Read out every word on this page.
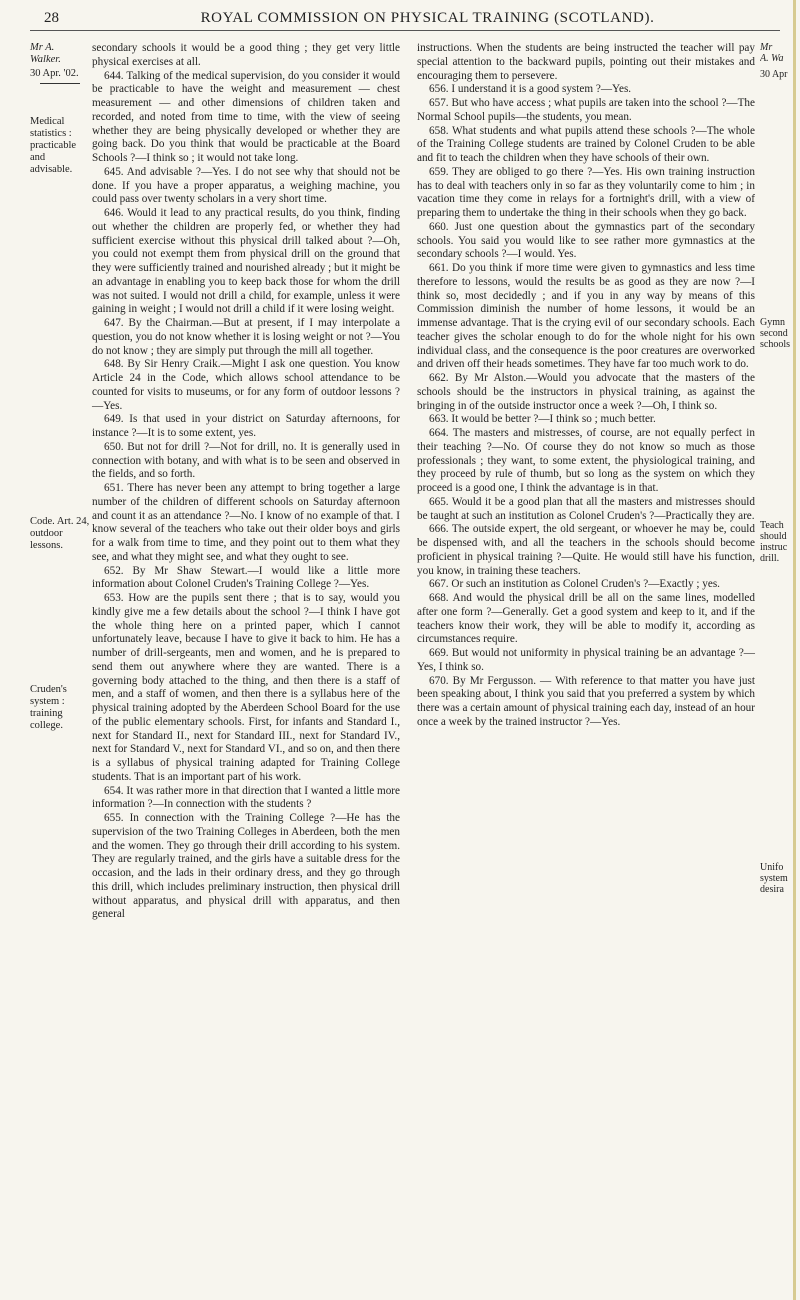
28	ROYAL COMMISSION ON PHYSICAL TRAINING (SCOTLAND).
Mr A. Walker.
30 Apr. '02.
Medical statistics : practicable and advisable.
Code. Art. 24, outdoor lessons.
Cruden's system : training college.

secondary schools it would be a good thing ; they get very little physical exercises at all.

644. Talking of the medical supervision, do you consider it would be practicable to have the weight and measurement — chest measurement — and other dimensions of children taken and recorded, and noted from time to time, with the view of seeing whether they are being physically developed or whether they are going back. Do you think that would be practicable at the Board Schools ?—I think so ; it would not take long.

645. And advisable ?—Yes. I do not see why that should not be done. If you have a proper apparatus, a weighing machine, you could pass over twenty scholars in a very short time.

646. Would it lead to any practical results, do you think, finding out whether the children are properly fed, or whether they had sufficient exercise without this physical drill talked about ?—Oh, you could not exempt them from physical drill on the ground that they were sufficiently trained and nourished already ; but it might be an advantage in enabling you to keep back those for whom the drill was not suited. I would not drill a child, for example, unless it were gaining in weight ; I would not drill a child if it were losing weight.

647. By the Chairman.—But at present, if I may interpolate a question, you do not know whether it is losing weight or not ?—You do not know ; they are simply put through the mill all together.

648. By Sir Henry Craik.—Might I ask one question. You know Article 24 in the Code, which allows school attendance to be counted for visits to museums, or for any form of outdoor lessons ?—Yes.

649. Is that used in your district on Saturday afternoons, for instance ?—It is to some extent, yes.

650. But not for drill ?—Not for drill, no. It is generally used in connection with botany, and with what is to be seen and observed in the fields, and so forth.

651. There has never been any attempt to bring together a large number of the children of different schools on Saturday afternoon and count it as an attendance ?—No. I know of no example of that. I know several of the teachers who take out their older boys and girls for a walk from time to time, and they point out to them what they see, and what they might see, and what they ought to see.

652. By Mr Shaw Stewart.—I would like a little more information about Colonel Cruden's Training College ?—Yes.

653. How are the pupils sent there ; that is to say, would you kindly give me a few details about the school ?—I think I have got the whole thing here on a printed paper, which I cannot unfortunately leave, because I have to give it back to him. He has a number of drill-sergeants, men and women, and he is prepared to send them out anywhere where they are wanted. There is a governing body attached to the thing, and then there is a staff of men, and a staff of women, and then there is a syllabus here of the physical training adopted by the Aberdeen School Board for the use of the public elementary schools. First, for infants and Standard I., next for Standard II., next for Standard III., next for Standard IV., next for Standard V., next for Standard VI., and so on, and then there is a syllabus of physical training adapted for Training College students. That is an important part of his work.

654. It was rather more in that direction that I wanted a little more information ?—In connection with the students ?

655. In connection with the Training College ?—He has the supervision of the two Training Colleges in Aberdeen, both the men and the women. They go through their drill according to his system. They are regularly trained, and the girls have a suitable dress for the occasion, and the lads in their ordinary dress, and they go through this drill, which includes preliminary instruction, then physical drill without apparatus, and physical drill with apparatus, and then general

instructions. When the students are being instructed the teacher will pay special attention to the backward pupils, pointing out their mistakes and encouraging them to persevere.

656. I understand it is a good system ?—Yes.

657. But who have access ; what pupils are taken into the school ?—The Normal School pupils—the students, you mean.

658. What students and what pupils attend these schools ?—The whole of the Training College students are trained by Colonel Cruden to be able and fit to teach the children when they have schools of their own.

659. They are obliged to go there ?—Yes. His own training instruction has to deal with teachers only in so far as they voluntarily come to him ; in vacation time they come in relays for a fortnight's drill, with a view of preparing them to undertake the thing in their schools when they go back.

660. Just one question about the gymnastics part of the secondary schools. You said you would like to see rather more gymnastics at the secondary schools ?—I would. Yes.

661. Do you think if more time were given to gymnastics and less time therefore to lessons, would the results be as good as they are now ?—I think so, most decidedly ; and if you in any way by means of this Commission diminish the number of home lessons, it would be an immense advantage. That is the crying evil of our secondary schools. Each teacher gives the scholar enough to do for the whole night for his own individual class, and the consequence is the poor creatures are overworked and driven off their heads sometimes. They have far too much work to do.

662. By Mr Alston.—Would you advocate that the masters of the schools should be the instructors in physical training, as against the bringing in of the outside instructor once a week ?—Oh, I think so.

663. It would be better ?—I think so ; much better.

664. The masters and mistresses, of course, are not equally perfect in their teaching ?—No. Of course they do not know so much as those professionals ; they want, to some extent, the physiological training, and they proceed by rule of thumb, but so long as the system on which they proceed is a good one, I think the advantage is in that.

665. Would it be a good plan that all the masters and mistresses should be taught at such an institution as Colonel Cruden's ?—Practically they are.

666. The outside expert, the old sergeant, or whoever he may be, could be dispensed with, and all the teachers in the schools should become proficient in physical training ?—Quite. He would still have his function, you know, in training these teachers.

667. Or such an institution as Colonel Cruden's ?—Exactly ; yes.

668. And would the physical drill be all on the same lines, modelled after one form ?—Generally. Get a good system and keep to it, and if the teachers know their work, they will be able to modify it, according as circumstances require.

669. But would not uniformity in physical training be an advantage ?—Yes, I think so.

670. By Mr Fergusson. — With reference to that matter you have just been speaking about, I think you said that you preferred a system by which there was a certain amount of physical training each day, instead of an hour once a week by the trained instructor ?—Yes.

Mr
A. Wa
30 Apr
Gymn
second
schools
Teach
should
instruc
drill.
Unifo
system
desira
